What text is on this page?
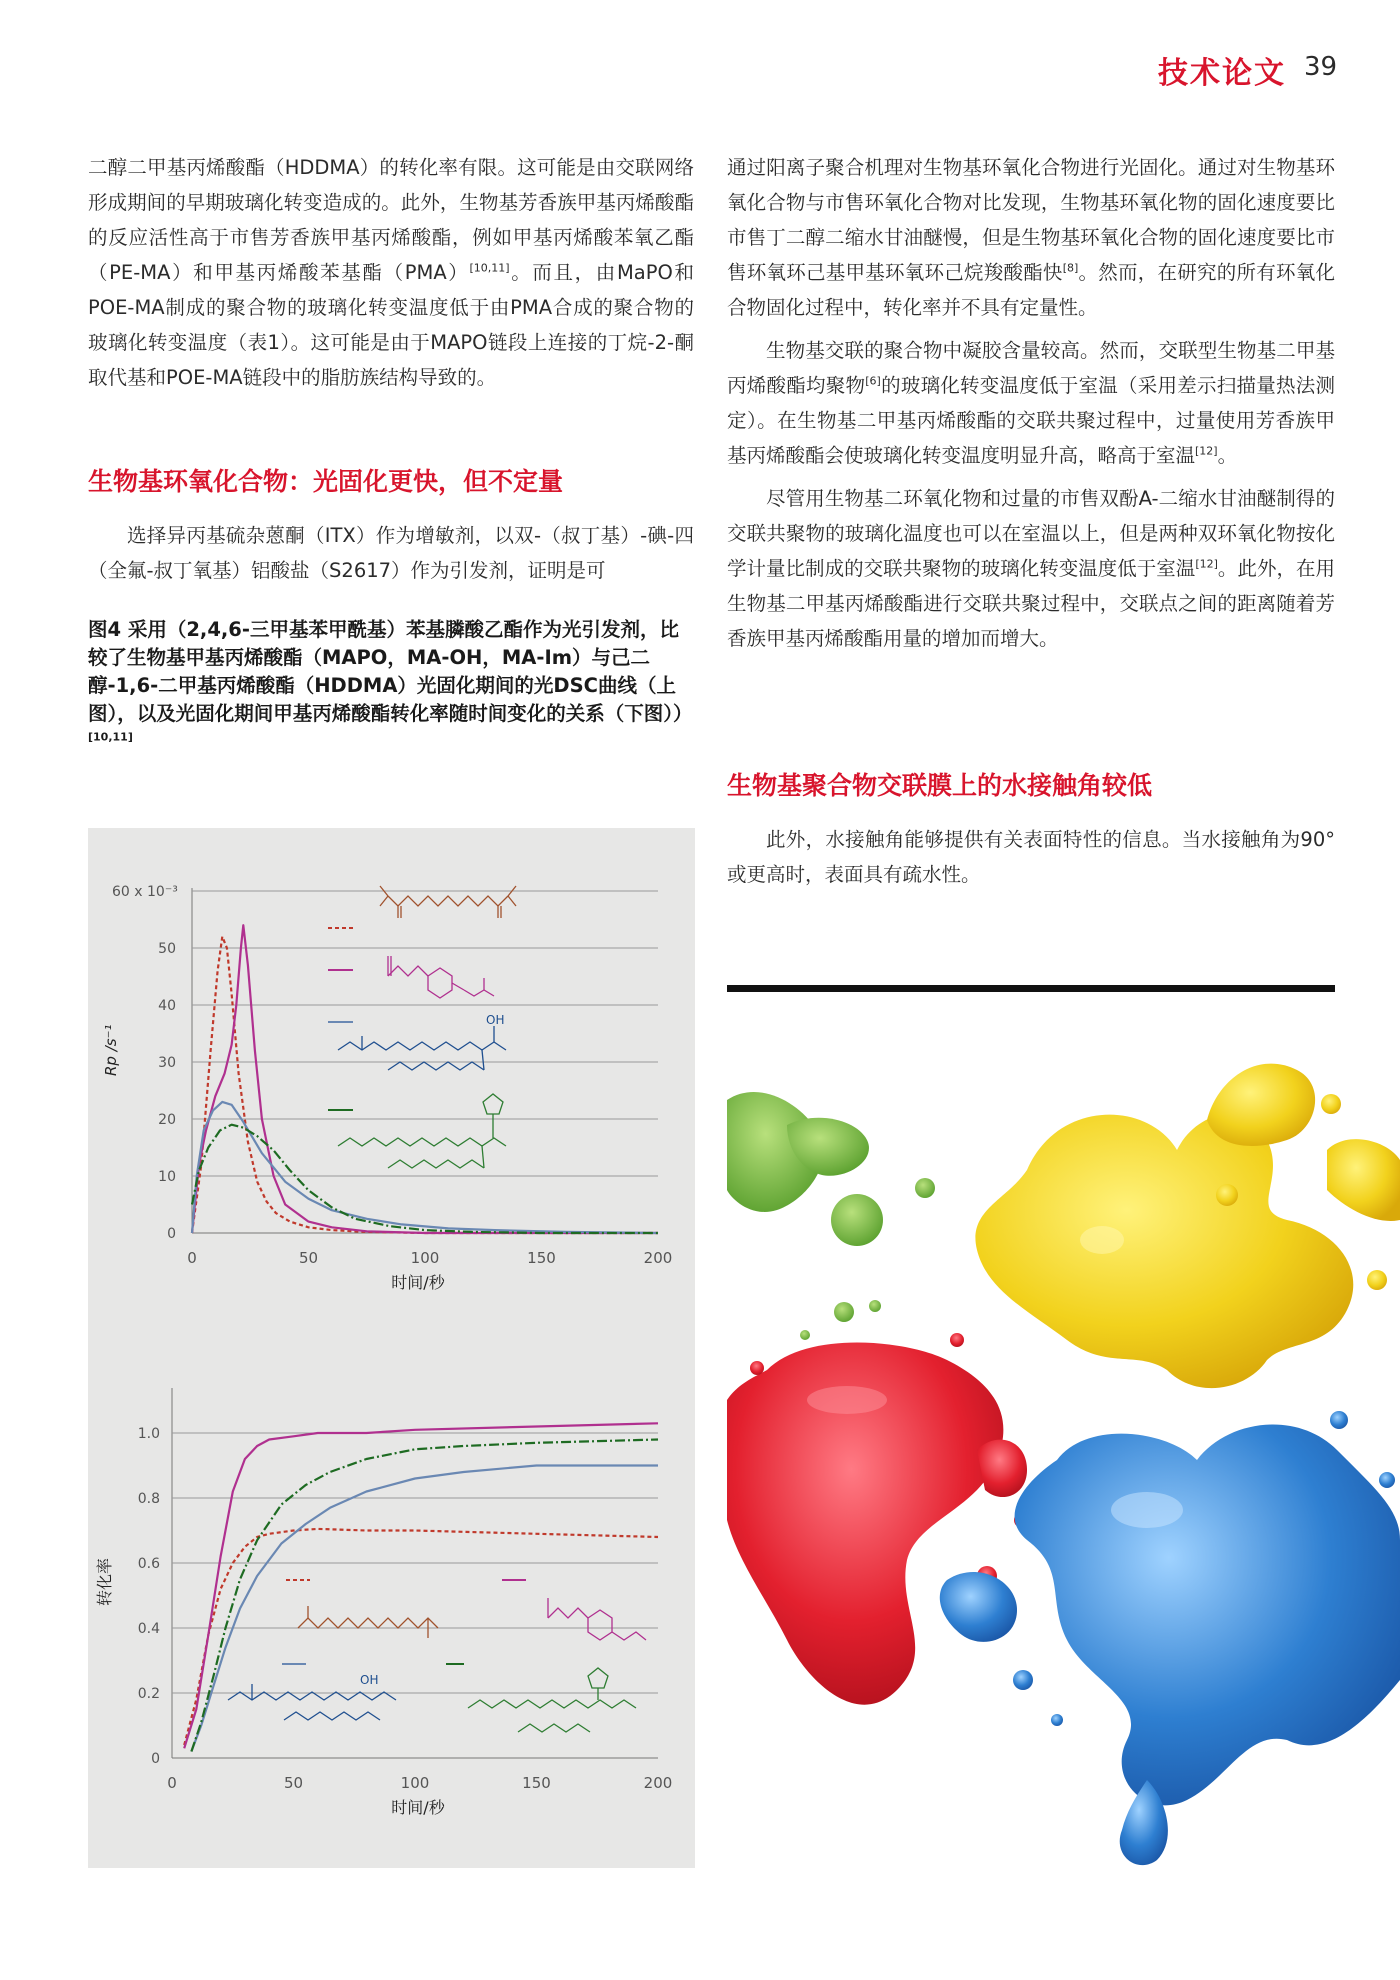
技术论文 39

二醇二甲基丙烯酸酯（HDDMA）的转化率有限。这可能是由交联网络形成期间的早期玻璃化转变造成的。此外，生物基芳香族甲基丙烯酸酯的反应活性高于市售芳香族甲基丙烯酸酯，例如甲基丙烯酸苯氧乙酯（PE-MA）和甲基丙烯酸苯基酯（PMA）[10,11]。而且，由MaPO和POE-MA制成的聚合物的玻璃化转变温度低于由PMA合成的聚合物的玻璃化转变温度（表1）。这可能是由于MAPO链段上连接的丁烷-2-酮取代基和POE-MA链段中的脂肪族结构导致的。

生物基环氧化合物：光固化更快，但不定量

选择异丙基硫杂蒽酮（ITX）作为增敏剂，以双-（叔丁基）-碘-四（全氟-叔丁氧基）铝酸盐（S2617）作为引发剂，证明是可

图4 采用（2,4,6-三甲基苯甲酰基）苯基膦酸乙酯作为光引发剂，比较了生物基甲基丙烯酸酯（MAPO，MA-OH，MA-Im）与己二醇-1,6-二甲基丙烯酸酯（HDDMA）光固化期间的光DSC曲线（上图），以及光固化期间甲基丙烯酸酯转化率随时间变化的关系（下图））[10,11]
0
10
20
30
40
50
0	50	100	150	200
60 x 10⁻³
Rp /s⁻¹
时间/秒
OH
0
0.2
0.4
0.6
0.8
1.0
0	50	100	150	200
转化率
时间/秒
OH

通过阳离子聚合机理对生物基环氧化合物进行光固化。通过对生物基环氧化合物与市售环氧化合物对比发现，生物基环氧化物的固化速度要比市售丁二醇二缩水甘油醚慢，但是生物基环氧化合物的固化速度要比市售环氧环己基甲基环氧环己烷羧酸酯快[8]。然而，在研究的所有环氧化合物固化过程中，转化率并不具有定量性。

生物基交联的聚合物中凝胶含量较高。然而，交联型生物基二甲基丙烯酸酯均聚物[6]的玻璃化转变温度低于室温（采用差示扫描量热法测定）。在生物基二甲基丙烯酸酯的交联共聚过程中，过量使用芳香族甲基丙烯酸酯会使玻璃化转变温度明显升高，略高于室温[12]。

尽管用生物基二环氧化物和过量的市售双酚A-二缩水甘油醚制得的交联共聚物的玻璃化温度也可以在室温以上，但是两种双环氧化物按化学计量比制成的交联共聚物的玻璃化转变温度低于室温[12]。此外，在用生物基二甲基丙烯酸酯进行交联共聚过程中，交联点之间的距离随着芳香族甲基丙烯酸酯用量的增加而增大。

生物基聚合物交联膜上的水接触角较低

此外，水接触角能够提供有关表面特性的信息。当水接触角为90°或更高时，表面具有疏水性。
